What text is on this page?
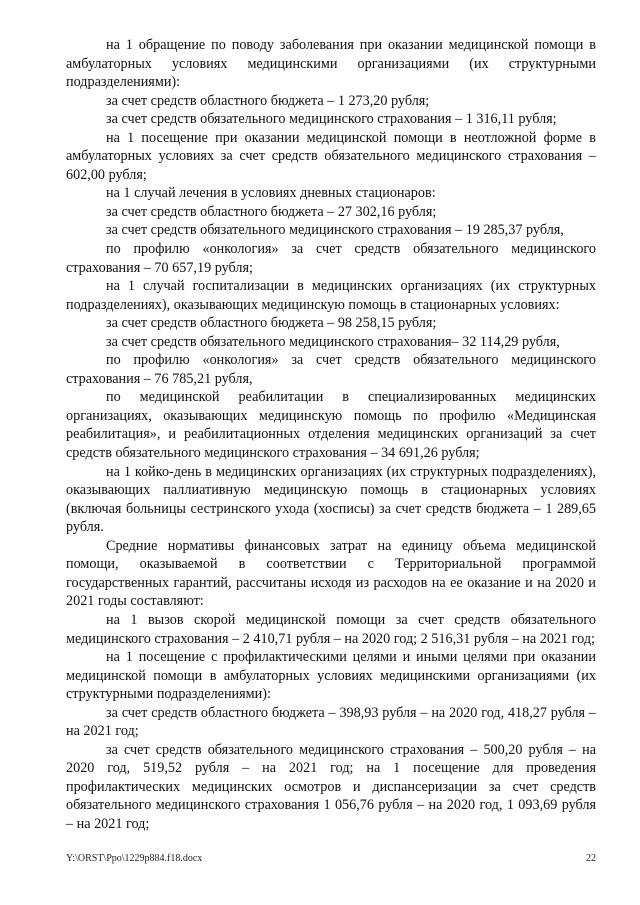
на 1 обращение по поводу заболевания при оказании медицинской помощи в амбулаторных условиях медицинскими организациями (их структурными подразделениями):

за счет средств областного бюджета – 1 273,20 рубля;

за счет средств обязательного медицинского страхования – 1 316,11 рубля;

на 1 посещение при оказании медицинской помощи в неотложной форме в амбулаторных условиях за счет средств обязательного медицинского страхования – 602,00 рубля;

на 1 случай лечения в условиях дневных стационаров:

за счет средств областного бюджета – 27 302,16 рубля;

за счет средств обязательного медицинского страхования – 19 285,37 рубля,

по профилю «онкология» за счет средств обязательного медицинского страхования – 70 657,19 рубля;

на 1 случай госпитализации в медицинских организациях (их структурных подразделениях), оказывающих медицинскую помощь в стационарных условиях:

за счет средств областного бюджета – 98 258,15 рубля;

за счет средств обязательного медицинского страхования– 32 114,29 рубля,

по профилю «онкология» за счет средств обязательного медицинского страхования – 76 785,21 рубля,

по медицинской реабилитации в специализированных медицинских организациях, оказывающих медицинскую помощь по профилю «Медицинская реабилитация», и реабилитационных отделения медицинских организаций за счет средств обязательного медицинского страхования – 34 691,26 рубля;

на 1 койко-день в медицинских организациях (их структурных подразделениях), оказывающих паллиативную медицинскую помощь в стационарных условиях (включая больницы сестринского ухода (хосписы) за счет средств бюджета – 1 289,65 рубля.

Средние нормативы финансовых затрат на единицу объема медицинской помощи, оказываемой в соответствии с Территориальной программой государственных гарантий, рассчитаны исходя из расходов на ее оказание и на 2020 и 2021 годы составляют:

на 1 вызов скорой медицинской помощи за счет средств обязательного медицинского страхования – 2 410,71 рубля – на 2020 год; 2 516,31 рубля – на 2021 год;

на 1 посещение с профилактическими целями и иными целями при оказании медицинской помощи в амбулаторных условиях медицинскими организациями (их структурными подразделениями):

за счет средств областного бюджета – 398,93 рубля – на 2020 год, 418,27 рубля – на 2021 год;

за счет средств обязательного медицинского страхования – 500,20 рубля – на 2020 год, 519,52 рубля – на 2021 год; на 1 посещение для проведения профилактических медицинских осмотров и диспансеризации за счет средств обязательного медицинского страхования 1 056,76 рубля – на 2020 год, 1 093,69 рубля – на 2021 год;

Y:\ORST\Ppo\1229p884.f18.docx	22
